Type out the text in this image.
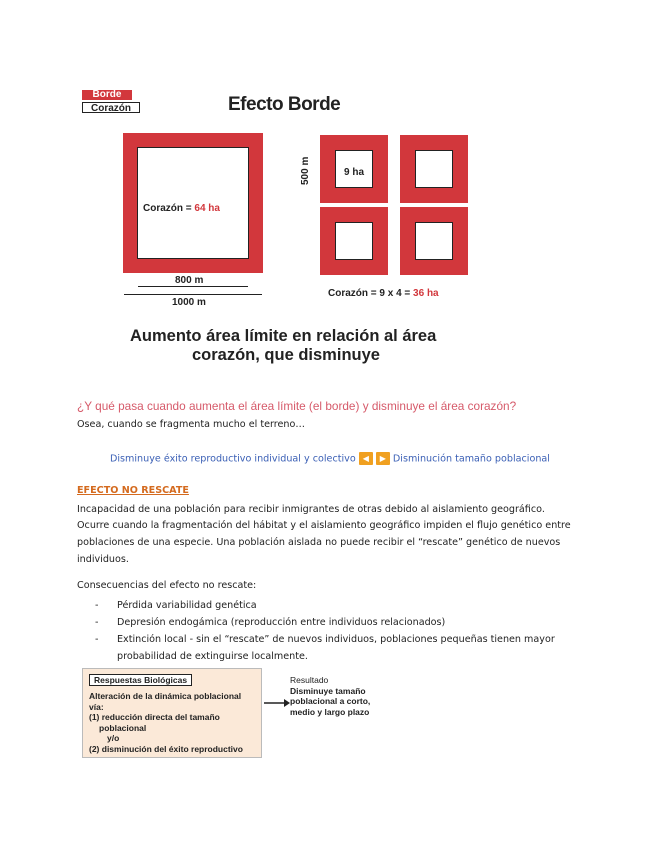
Borde
Corazón	Efecto Borde
Corazón = 64 ha
800 m
1000 m
9 ha
500 m
Corazón = 9 x 4 = 36 ha
Aumento área límite en relación al área
corazón, que disminuye
¿Y qué pasa cuando aumenta el área límite (el borde) y disminuye el área corazón?
Osea, cuando se fragmenta mucho el terreno…
Disminuye éxito reproductivo individual y colectivo ◀ ▶ Disminución tamaño poblacional
EFECTO NO RESCATE
Incapacidad de una población para recibir inmigrantes de otras debido al aislamiento geográfico.
Ocurre cuando la fragmentación del hábitat y el aislamiento geográfico impiden el flujo genético entre poblaciones de una especie. Una población aislada no puede recibir el “rescate” genético de nuevos individuos.
Consecuencias del efecto no rescate:
- Pérdida variabilidad genética
- Depresión endogámica (reproducción entre individuos relacionados)
- Extinción local - sin el “rescate” de nuevos individuos, poblaciones pequeñas tienen mayor probabilidad de extinguirse localmente.
Respuestas Biológicas
Alteración de la dinámica poblacional
vía:
(1) reducción directa del tamaño
poblacional
y/o
(2) disminución del éxito reproductivo
Resultado
Disminuye tamaño poblacional a corto, medio y largo plazo
